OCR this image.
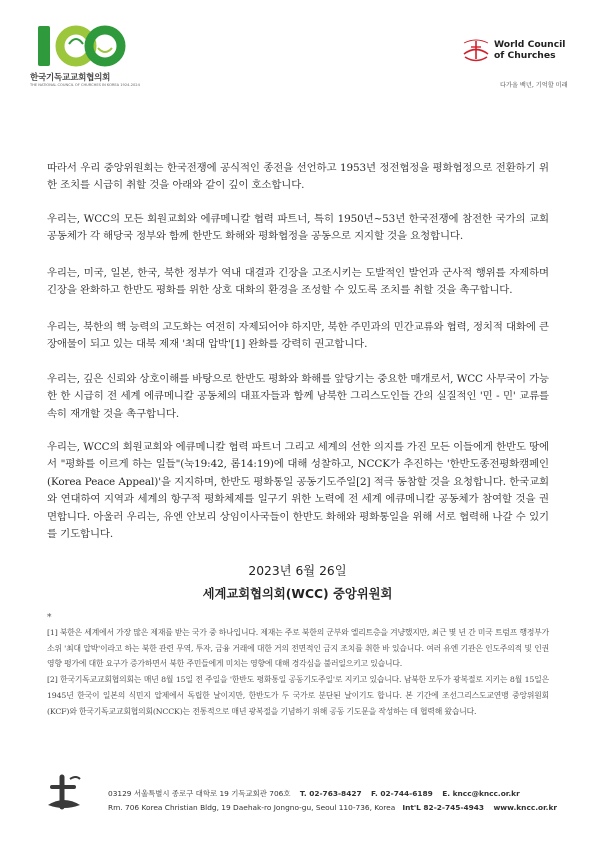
한국기독교교회협의회
THE NATIONAL COUNCIL OF CHURCHES IN KOREA 1924-2024
World Council
of Churches
다가올 백년, 기억할 미래

따라서 우리 중앙위원회는 한국전쟁에 공식적인 종전을 선언하고 1953년 정전협정을 평화협정으로 전환하기 위한 조치를 시급히 취할 것을 아래와 같이 깊이 호소합니다.

우리는, WCC의 모든 회원교회와 에큐메니칼 협력 파트너, 특히 1950년~53년 한국전쟁에 참전한 국가의 교회공동체가 각 해당국 정부와 함께 한반도 화해와 평화협정을 공동으로 지지할 것을 요청합니다.

우리는, 미국, 일본, 한국, 북한 정부가 역내 대결과 긴장을 고조시키는 도발적인 발언과 군사적 행위를 자제하며 긴장을 완화하고 한반도 평화를 위한 상호 대화의 환경을 조성할 수 있도록 조치를 취할 것을 촉구합니다.

우리는, 북한의 핵 능력의 고도화는 여전히 자제되어야 하지만, 북한 주민과의 민간교류와 협력, 정치적 대화에 큰 장애물이 되고 있는 대북 제재 '최대 압박'[1] 완화를 강력히 권고합니다.

우리는, 깊은 신뢰와 상호이해를 바탕으로 한반도 평화와 화해를 앞당기는 중요한 매개로서, WCC 사무국이 가능한 한 시급히 전 세계 에큐메니칼 공동체의 대표자들과 함께 남북한 그리스도인들 간의 실질적인 '민 - 민' 교류를 속히 재개할 것을 촉구합니다.

우리는, WCC의 회원교회와 에큐메니칼 협력 파트너 그리고 세계의 선한 의지를 가진 모든 이들에게 한반도 땅에서 "평화를 이르게 하는 일들"(눅19:42, 롬14:19)에 대해 성찰하고, NCCK가 추진하는 '한반도종전평화캠페인(Korea Peace Appeal)'을 지지하며, 한반도 평화통일 공동기도주일[2] 적극 동참할 것을 요청합니다. 한국교회와 연대하여 지역과 세계의 항구적 평화체제를 일구기 위한 노력에 전 세계 에큐메니칼 공동체가 참여할 것을 권면합니다. 아울러 우리는, 유엔 안보리 상임이사국들이 한반도 화해와 평화통일을 위해 서로 협력해 나갈 수 있기를 기도합니다.

2023년 6월 26일
세계교회협의회(WCC) 중앙위원회
*

[1] 북한은 세계에서 가장 많은 제재를 받는 국가 중 하나입니다. 제재는 주로 북한의 군부와 엘리트층을 겨냥했지만, 최근 몇 년 간 미국 트럼프 행정부가 소위 '최대 압박'이라고 하는 북한 관련 무역, 투자, 금융 거래에 대한 거의 전면적인 금지 조치를 취한 바 있습니다. 여러 유엔 기관은 인도주의적 및 인권 영향 평가에 대한 요구가 증가하면서 북한 주민들에게 미치는 영향에 대해 경각심을 불러일으키고 있습니다.

[2] 한국기독교교회협의회는 매년 8월 15일 전 주일을 '한반도 평화통일 공동기도주일'로 지키고 있습니다. 남북한 모두가 광복절로 지키는 8월 15일은 1945년 한국이 일본의 식민지 압제에서 독립한 날이지만, 한반도가 두 국가로 분단된 날이기도 합니다. 본 기간에 조선그리스도교연맹 중앙위원회(KCF)와 한국기독교교회협의회(NCCK)는 전통적으로 매년 광복절을 기념하기 위해 공동 기도문을 작성하는 데 협력해 왔습니다.

03129 서울특별시 종로구 대학로 19 기독교회관 706호 T. 02-763-8427 F. 02-744-6189 E. kncc@kncc.or.kr
Rm. 706 Korea Christian Bldg, 19 Daehak-ro Jongno-gu, Seoul 110-736, Korea Int'L 82-2-745-4943 www.kncc.or.kr
